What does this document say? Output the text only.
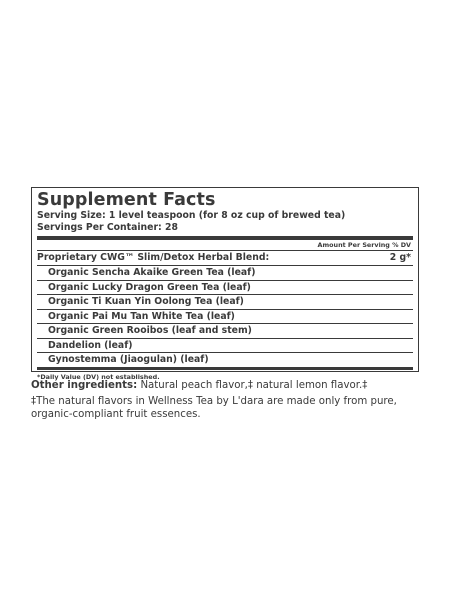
Supplement Facts
Serving Size: 1 level teaspoon (for 8 oz cup of brewed tea)
Servings Per Container: 28
Amount Per Serving % DV
Proprietary CWG™ Slim/Detox Herbal Blend:	2 g*
Organic Sencha Akaike Green Tea (leaf)
Organic Lucky Dragon Green Tea (leaf)
Organic Ti Kuan Yin Oolong Tea (leaf)
Organic Pai Mu Tan White Tea (leaf)
Organic Green Rooibos (leaf and stem)
Dandelion (leaf)
Gynostemma (Jiaogulan) (leaf)
*Daily Value (DV) not established.
Other ingredients: Natural peach flavor,‡ natural lemon flavor.‡
‡The natural flavors in Wellness Tea by L'dara are made only from pure, organic-compliant fruit essences.
